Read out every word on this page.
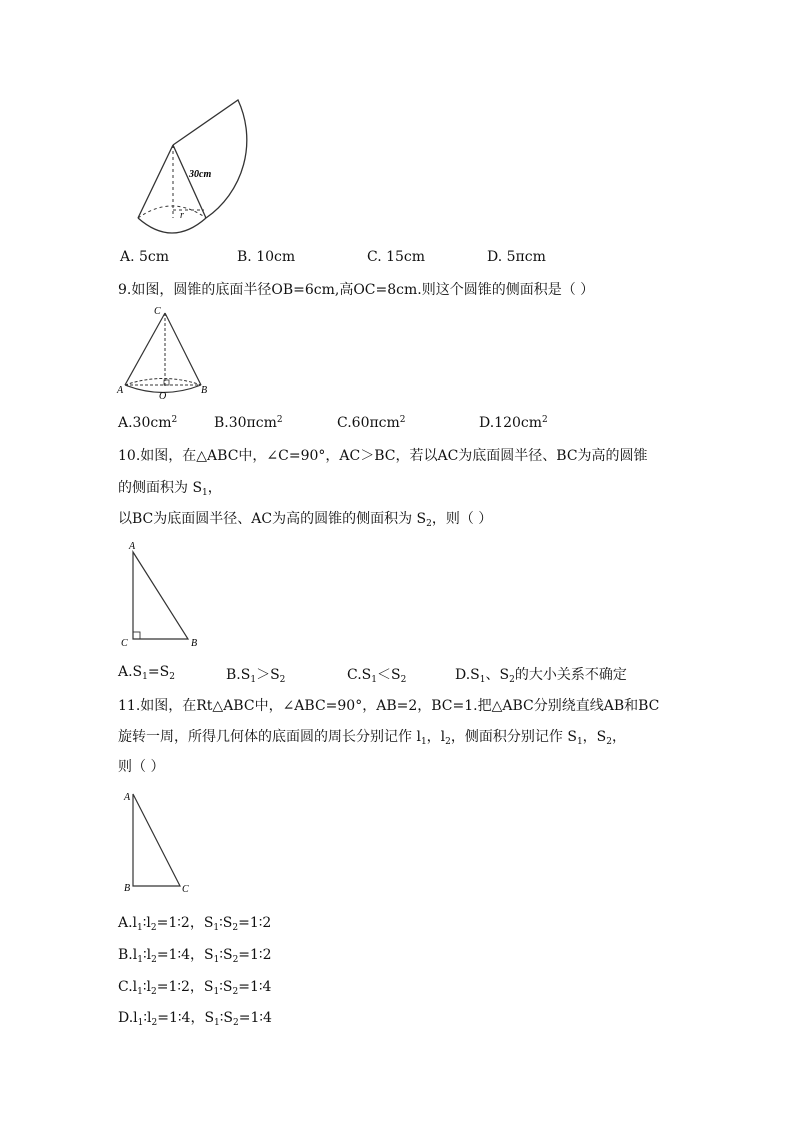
30cm
r
A. 5cm	B. 10cm	C. 15cm	D. 5πcm
9.如图，圆锥的底面半径OB=6cm,高OC=8cm.则这个圆锥的侧面积是（ ）
C
A	B
O
$A.30cm^2$	B.30πcm$^2$	C.60πcm$^2$	$D.120cm^2$
10.如图，在△ABC中，∠C=90°，AC＞BC，若以AC为底面圆半径、BC为高的圆锥
的侧面积为 $S_1$，
以BC为底面圆半径、AC为高的圆锥的侧面积为 $S_2$，则（ ）
A
C	B
$A.S_1=S_2$	$B.S_1>S_2$	$C.S_1<S_2$	$D.S_1$、$S_2$的大小关系不确定
11.如图，在Rt△ABC中，∠ABC=90°，AB=2，BC=1.把△ABC分别绕直线AB和BC
旋转一周，所得几何体的底面圆的周长分别记作 $l_1$，$l_2$，侧面积分别记作 $S_1$，$S_2$，
则（ ）
A
B	C
$A.l_1∶l_2=1∶2$，$S_1∶S_2=1∶2$
$B.l_1∶l_2=1∶4$，$S_1∶S_2=1∶2$
$C.l_1∶l_2=1∶2$，$S_1∶S_2=1∶4$
$D.l_1∶l_2=1∶4$，$S_1∶S_2=1∶4$
